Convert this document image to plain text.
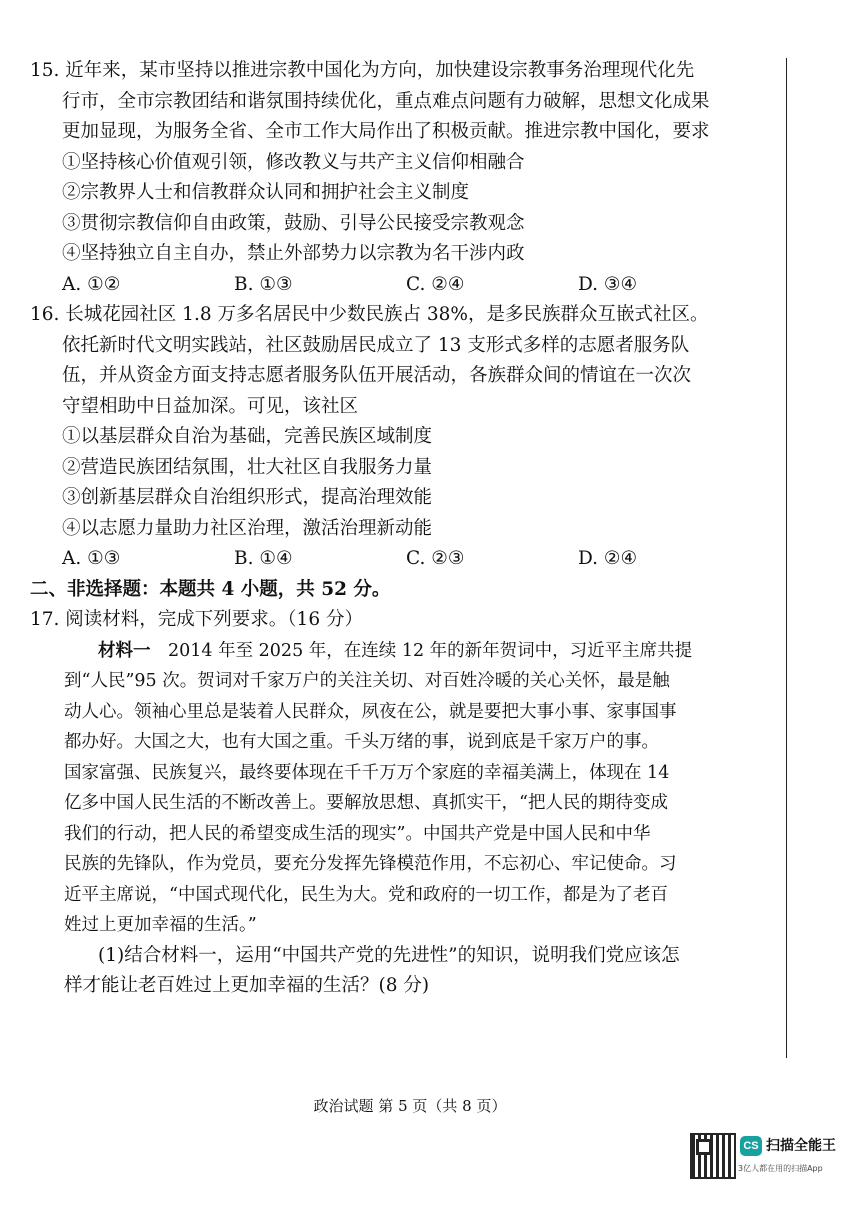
15. 近年来，某市坚持以推进宗教中国化为方向，加快建设宗教事务治理现代化先
行市，全市宗教团结和谐氛围持续优化，重点难点问题有力破解，思想文化成果
更加显现，为服务全省、全市工作大局作出了积极贡献。推进宗教中国化，要求
①坚持核心价值观引领，修改教义与共产主义信仰相融合
②宗教界人士和信教群众认同和拥护社会主义制度
③贯彻宗教信仰自由政策，鼓励、引导公民接受宗教观念
④坚持独立自主自办，禁止外部势力以宗教为名干涉内政
A. ①②	B. ①③	C. ②④	D. ③④
16. 长城花园社区 1.8 万多名居民中少数民族占 38%，是多民族群众互嵌式社区。
依托新时代文明实践站，社区鼓励居民成立了 13 支形式多样的志愿者服务队
伍，并从资金方面支持志愿者服务队伍开展活动，各族群众间的情谊在一次次
守望相助中日益加深。可见，该社区
①以基层群众自治为基础，完善民族区域制度
②营造民族团结氛围，壮大社区自我服务力量
③创新基层群众自治组织形式，提高治理效能
④以志愿力量助力社区治理，激活治理新动能
A. ①③	B. ①④	C. ②③	D. ②④
二、非选择题：本题共 4 小题，共 52 分。
17. 阅读材料，完成下列要求。（16 分）
材料一  2014 年至 2025 年，在连续 12 年的新年贺词中，习近平主席共提
到“人民”95 次。贺词对千家万户的关注关切、对百姓冷暖的关心关怀，最是触
动人心。领袖心里总是装着人民群众，夙夜在公，就是要把大事小事、家事国事
都办好。大国之大，也有大国之重。千头万绪的事，说到底是千家万户的事。
国家富强、民族复兴，最终要体现在千千万万个家庭的幸福美满上，体现在 14
亿多中国人民生活的不断改善上。要解放思想、真抓实干，“把人民的期待变成
我们的行动，把人民的希望变成生活的现实”。中国共产党是中国人民和中华
民族的先锋队，作为党员，要充分发挥先锋模范作用，不忘初心、牢记使命。习
近平主席说，“中国式现代化，民生为大。党和政府的一切工作，都是为了老百
姓过上更加幸福的生活。”
(1)结合材料一，运用“中国共产党的先进性”的知识，说明我们党应该怎
样才能让老百姓过上更加幸福的生活？(8 分)
政治试题 第 5 页（共 8 页）
CS 扫描全能王
3亿人都在用的扫描App
